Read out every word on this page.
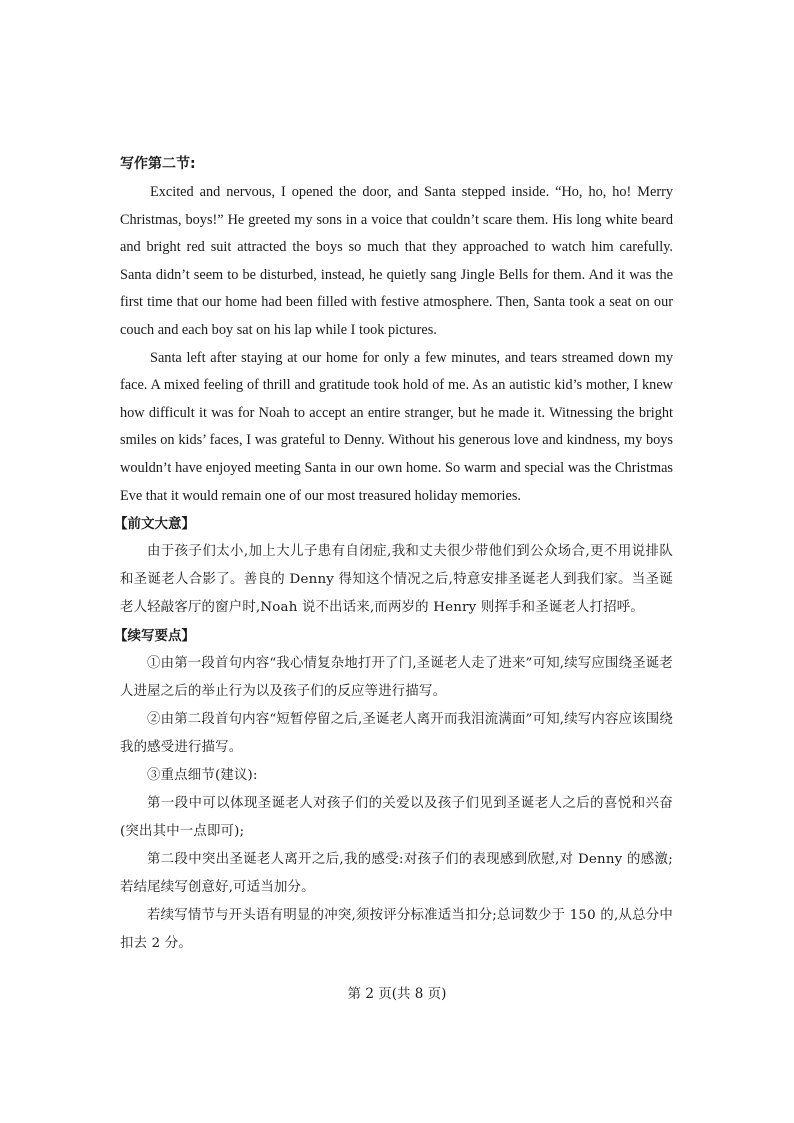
写作第二节:

Excited and nervous, I opened the door, and Santa stepped inside. “Ho, ho, ho! Merry Christmas, boys!” He greeted my sons in a voice that couldn’t scare them. His long white beard and bright red suit attracted the boys so much that they approached to watch him carefully. Santa didn’t seem to be disturbed, instead, he quietly sang Jingle Bells for them. And it was the first time that our home had been filled with festive atmosphere. Then, Santa took a seat on our couch and each boy sat on his lap while I took pictures.

Santa left after staying at our home for only a few minutes, and tears streamed down my face. A mixed feeling of thrill and gratitude took hold of me. As an autistic kid’s mother, I knew how difficult it was for Noah to accept an entire stranger, but he made it. Witnessing the bright smiles on kids’ faces, I was grateful to Denny. Without his generous love and kindness, my boys wouldn’t have enjoyed meeting Santa in our own home. So warm and special was the Christmas Eve that it would remain one of our most treasured holiday memories.

【前文大意】

由于孩子们太小,加上大儿子患有自闭症,我和丈夫很少带他们到公众场合,更不用说排队和圣诞老人合影了。善良的 Denny 得知这个情况之后,特意安排圣诞老人到我们家。当圣诞老人轻敲客厅的窗户时,Noah 说不出话来,而两岁的 Henry 则挥手和圣诞老人打招呼。

【续写要点】

①由第一段首句内容“我心情复杂地打开了门,圣诞老人走了进来”可知,续写应围绕圣诞老人进屋之后的举止行为以及孩子们的反应等进行描写。

②由第二段首句内容“短暂停留之后,圣诞老人离开而我泪流满面”可知,续写内容应该围绕我的感受进行描写。

③重点细节(建议):

第一段中可以体现圣诞老人对孩子们的关爱以及孩子们见到圣诞老人之后的喜悦和兴奋(突出其中一点即可);

第二段中突出圣诞老人离开之后,我的感受:对孩子们的表现感到欣慰,对 Denny 的感激;若结尾续写创意好,可适当加分。

若续写情节与开头语有明显的冲突,须按评分标准适当扣分;总词数少于 150 的,从总分中扣去 2 分。

第 2 页(共 8 页)
